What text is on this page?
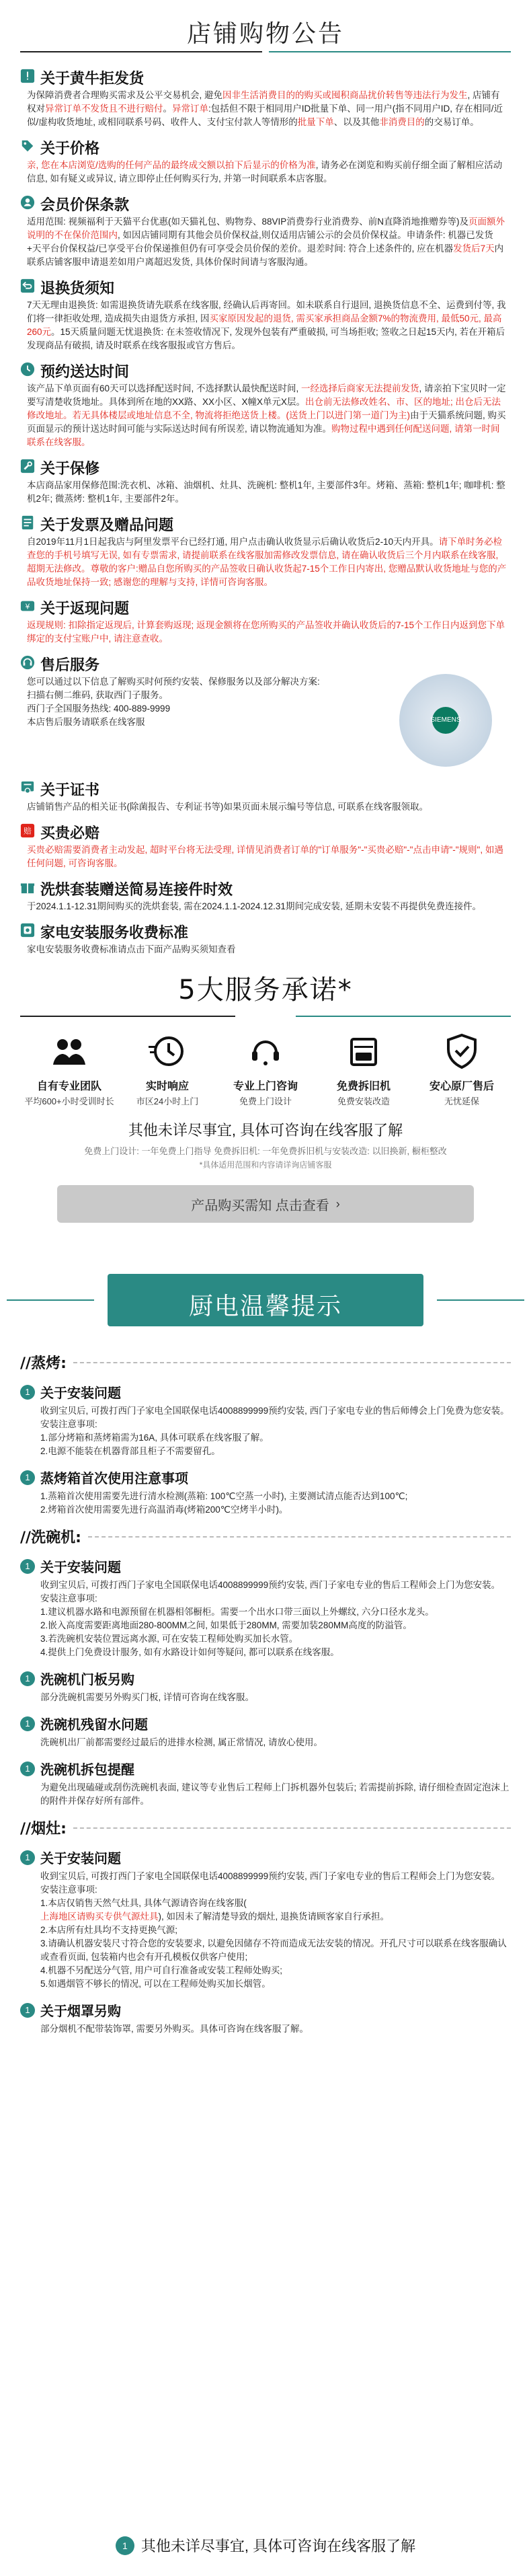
店铺购物公告
关于黄牛拒发货
为保障消费者合理购买需求及公平交易机会, 避免因非生活消费目的的购买或囤积商品扰价转售等违法行为发生, 店铺有权对异常订单不发货且不进行赔付。异常订单:包括但不限于相同用户ID批量下单、同一用户(指不同用户ID, 存在相同/近似/虚构收货地址, 或相同联系号码、收件人、支付宝付款人等情形的批量下单、以及其他非消费目的的交易订单。
关于价格
亲, 您在本店浏览/选购的任何产品的最终成交额以拍下后显示的价格为准, 请务必在浏览和购买前仔细全面了解相应活动信息, 如有疑义或异议, 请立即停止任何购买行为, 并第一时间联系本店客服。
会员价保条款
适用范围: 视频福利于天猫平台优惠(如天猫礼包、购物券、88VIP消费券行业消费券、前N直降消地推赠券等)及页面额外说明的不在保价范围内, 如因店铺同期有其他会员价保权益,则仅适用店铺公示的会员价保权益。申请条件: 机器已发货+天平台价保权益/已享受平台价保递推但仍有可享受会员价保的差价。退差时间: 符合上述条件的, 应在机器发货后7天内联系店铺客服申请退差如用户离超迟发货, 具体价保时间请与客服沟通。
退换货须知
7天无理由退换货: 如需退换货请先联系在线客服, 经确认后再寄回。如未联系自行退回, 退换货信息不全、运费到付等, 我们将一律拒收处理, 造成损失由退货方承担, 因买家原因发起的退货, 需买家承担商品金额7%的物流费用, 最低50元, 最高260元。15天质量问题无忧退换货: 在未签收情况下, 发现外包装有严重破损, 可当场拒收; 签收之日起15天内, 若在开箱后发现商品有破损, 请及时联系在线客服报或官方售后。
预约送达时间
该产品下单页面有60天可以选择配送时间, 不选择默认最快配送时间, 一经选择后商家无法提前发货, 请亲拍下宝贝时一定要写清楚收货地址。具体到所在地的XX路、XX小区、X幢X单元X层。出仓前无法修改姓名、市、区的地址; 出仓后无法修改地址。若无具体楼层或地址信息不全, 物流将拒绝送货上楼。(送货上门以进门第一道门为主)由于天猫系统问题, 购买页面显示的预计送达时间可能与实际送达时间有所误差, 请以物流通知为准。购物过程中遇到任何配送问题, 请第一时间联系在线客服。
关于保修
本店商品家用保修范围:洗衣机、冰箱、油烟机、灶具、洗碗机: 整机1年, 主要部件3年。烤箱、蒸箱: 整机1年; 咖啡机: 整机2年; 微蒸烤: 整机1年, 主要部件2年。
关于发票及赠品问题
自2019年11月1日起我店与阿里发票平台已经打通, 用户点击确认收货显示后确认收货后2-10天内开具。请下单时务必检查您的手机号填写无误, 如有专票需求, 请提前联系在线客服加需修改发票信息, 请在确认收货后三个月内联系在线客服, 超期无法修改。尊敬的客户:赠品自您所购买的产品签收日确认收货起7-15个工作日内寄出, 您赠品默认收货地址与您的产品收货地址保持一致; 感谢您的理解与支持, 详情可咨询客服。
¥ 关于返现问题
返现规则: 扣除指定返现后, 计算套购返现; 返现金额将在您所购买的产品签收并确认收货后的7-15个工作日内返到您下单绑定的支付宝账户中, 请注意查收。
售后服务

您可以通过以下信息了解购买时何预约安装、保修服务以及部分解决方案:

扫描右侧二维码, 获取西门子服务。

西门子全国服务热线: 400-889-9999

本店售后服务请联系在线客服	SIEMENS
关于证书
店铺销售产品的相关证书(除菌报告、专利证书等)如果页面未展示编号等信息, 可联系在线客服领取。
赔 买贵必赔
买贵必赔需要消费者主动发起, 超时平台将无法受理, 详情见消费者订单的"订单服务"-"买贵必赔"-"点击申请"-"规则", 如遇任何问题, 可咨询客服。
洗烘套装赠送简易连接件时效
于2024.1.1-12.31期间购买的洗烘套装, 需在2024.1.1-2024.12.31期间完成安装, 延期未安装不再提供免费连接件。
家电安装服务收费标准
家电安装服务收费标准请点击下面产品购买须知查看
5大服务承诺*
自有专业团队
平均600+小时受训时长
实时响应
市区24小时上门
专业上门咨询
免费上门设计
免费拆旧机
免费安装改造
安心原厂售后
无忧延保
其他未详尽事宜, 具体可咨询在线客服了解
免费上门设计: 一年免费上门指导 免费拆旧机: 一年免费拆旧机与安装改造: 以旧换新, 橱柜整改
*具体适用范围和内容请详询店铺客服
产品购买需知 点击查看 ›
厨电温馨提示
//蒸烤:
1 关于安装问题
收到宝贝后, 可拨打西门子家电全国联保电话4008899999预约安装, 西门子家电专业的售后师傅会上门免费为您安装。
安装注意事项:
1.部分烤箱和蒸烤箱需为16A, 具体可联系在线客服了解。
2.电源不能装在机器背部且柜子不需要留孔。
1 蒸烤箱首次使用注意事项
1.蒸箱首次使用需要先进行清水检测(蒸箱: 100℃空蒸一小时), 主要测试清点能否达到100℃;
2.烤箱首次使用需要先进行高温消毒(烤箱200℃空烤半小时)。
//洗碗机:
1 关于安装问题
收到宝贝后, 可拨打西门子家电全国联保电话4008899999预约安装, 西门子家电专业的售后工程师会上门为您安装。
安装注意事项:
1.建议机器水路和电源预留在机器相邻橱柜。需要一个出水口带三面以上外螺纹, 六分口径水龙头。
2.嵌入高度需要距离地面280-800MM之间, 如果低于280MM, 需要加装280MM高度的防溢管。
3.若洗碗机安装位置远离水源, 可在安装工程师处购买加长水管。
4.提供上门免费设计服务, 如有水路设计如何等疑问, 都可以联系在线客服。
1 洗碗机门板另购
部分洗碗机需要另外购买门板, 详情可咨询在线客服。
1 洗碗机残留水问题
洗碗机出厂前都需要经过最后的进排水检测, 属正常情况, 请放心使用。
1 洗碗机拆包提醒
为避免出现磕碰或刮伤洗碗机表面, 建议等专业售后工程师上门拆机器外包装后; 若需提前拆除, 请仔细检查固定泡沫上的附件并保存好所有部件。
//烟灶:
1 关于安装问题
收到宝贝后, 可拨打西门子家电全国联保电话4008899999预约安装, 西门子家电专业的售后工程师会上门为您安装。
安装注意事项:
1.本店仅销售天然气灶具, 具体气源请咨询在线客服(
上海地区请购买专供气源灶具), 如因未了解清楚导致的烟灶, 退换货请顾客家自行承担。
2.本店所有灶具均不支持更换气源;
3.请确认机器安装尺寸符合您的安装要求, 以避免因储存不符而造成无法安装的情况。开孔尺寸可以联系在线客服确认或查看页面, 包装箱内也会有开孔模板仅供客户使用;
4.机器不另配送分气管, 用户可自行准备或安装工程师处购买;
5.如遇烟管不够长的情况, 可以在工程师处购买加长烟管。
1 关于烟罩另购
部分烟机不配带装饰罩, 需要另外购买。具体可咨询在线客服了解。
1 其他未详尽事宜, 具体可咨询在线客服了解
